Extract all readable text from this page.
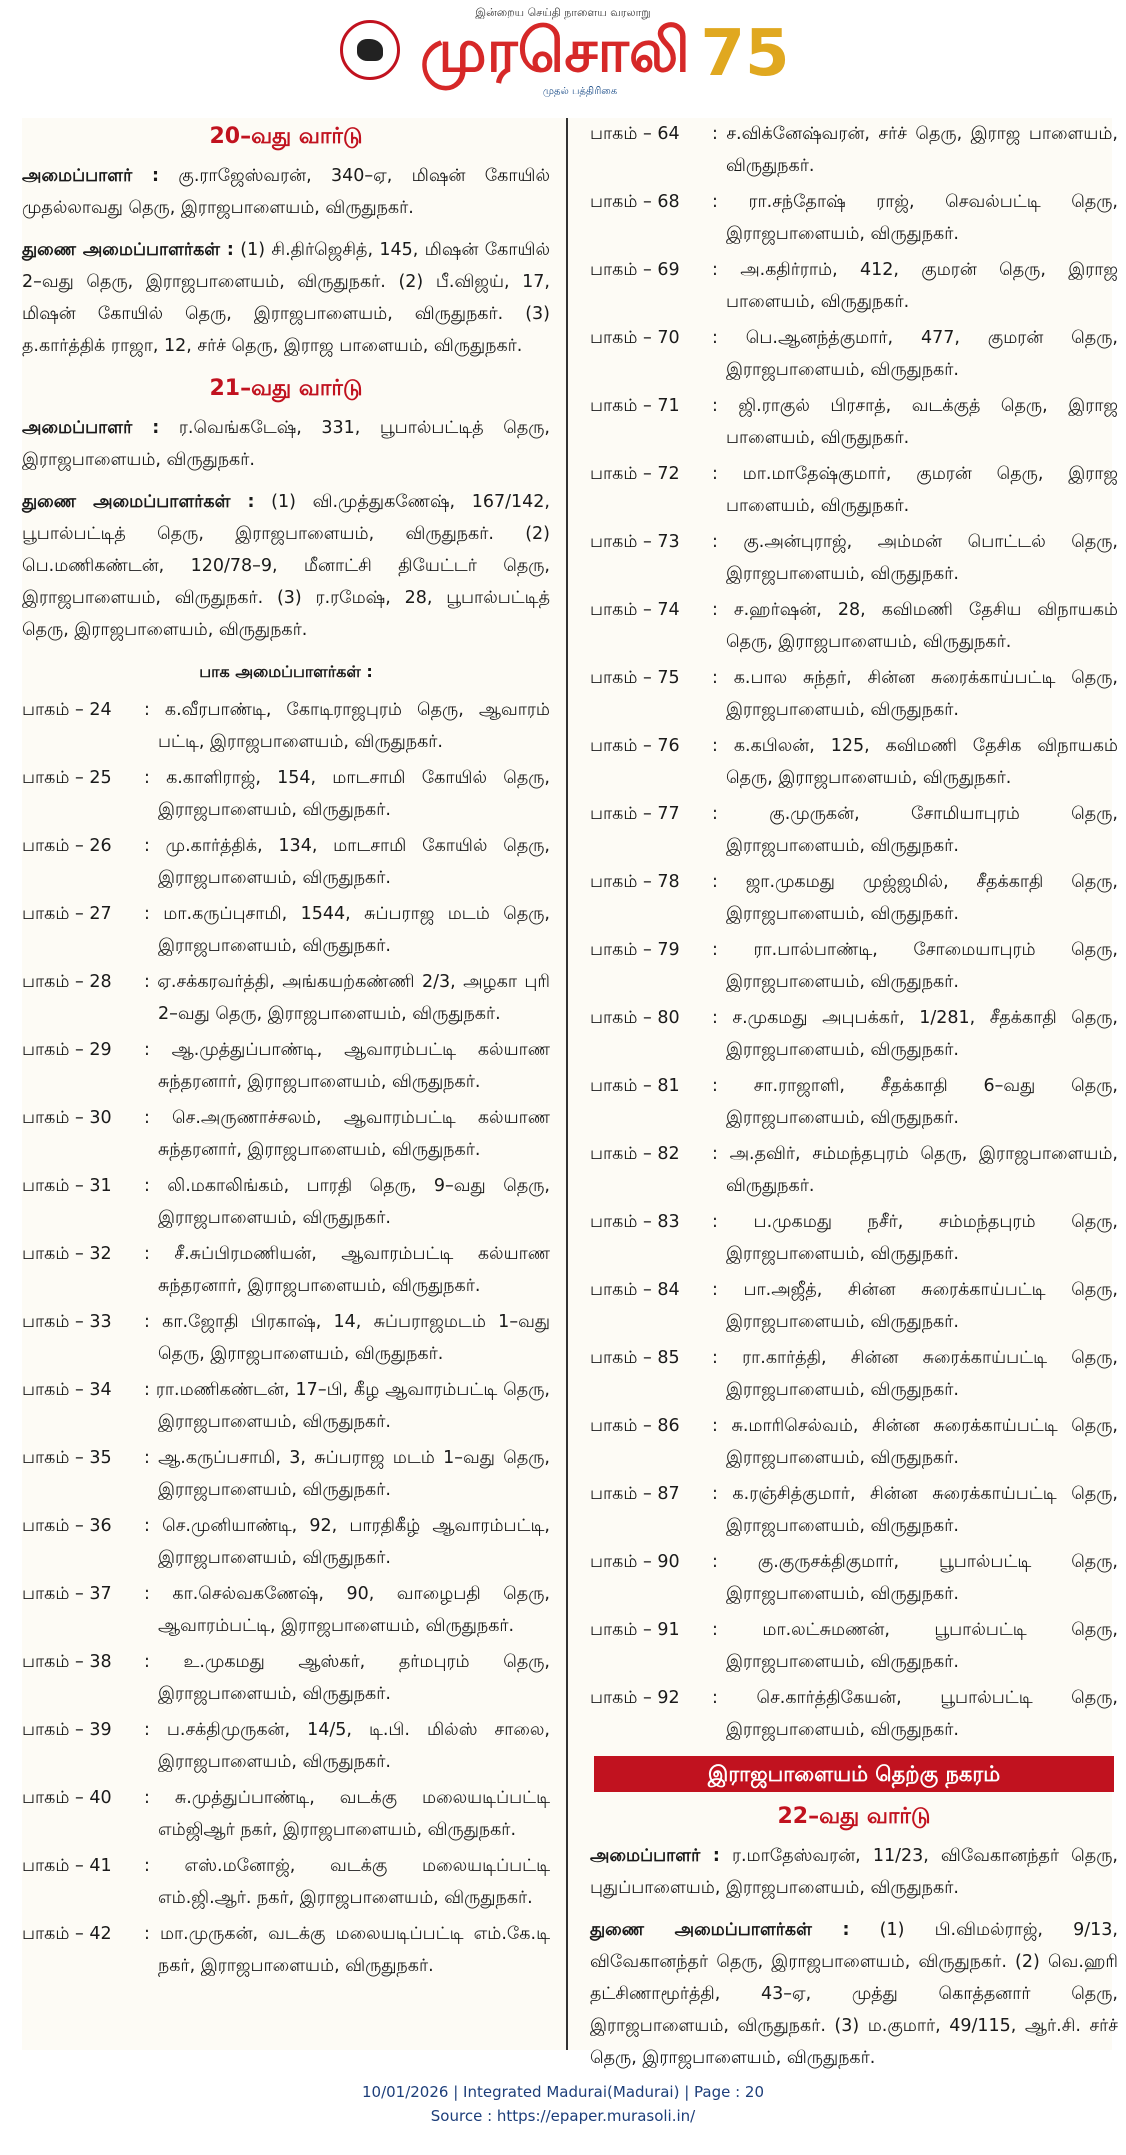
இன்றைய செய்தி நாளைய வரலாறு
முரசொலி
முதல் பத்திரிகை
75
20–வது வார்டு

அமைப்பாளர் : கு.ராஜேஸ்வரன், 340–ஏ, மிஷன் கோயில் முதல்லாவது தெரு, இராஜபாளையம், விருதுநகர்.

துணை அமைப்பாளர்கள் : (1) சி.திர்ஜெசித், 145, மிஷன் கோயில் 2–வது தெரு, இராஜபாளையம், விருதுநகர். (2) பீ.விஜய், 17, மிஷன் கோயில் தெரு, இராஜபாளையம், விருதுநகர். (3) த.கார்த்திக் ராஜா, 12, சர்ச் தெரு, இராஜ பாளையம், விருதுநகர்.

21–வது வார்டு

அமைப்பாளர் : ர.வெங்கடேஷ், 331, பூபால்பட்டித் தெரு, இராஜபாளையம், விருதுநகர்.

துணை அமைப்பாளர்கள் : (1) வி.முத்துகணேஷ், 167/142, பூபால்பட்டித் தெரு, இராஜபாளையம், விருதுநகர். (2) பெ.மணிகண்டன், 120/78–9, மீனாட்சி தியேட்டர் தெரு, இராஜபாளையம், விருதுநகர். (3) ர.ரமேஷ், 28, பூபால்பட்டித் தெரு, இராஜபாளையம், விருதுநகர்.

பாக அமைப்பாளர்கள் :
பாகம் – 24	: க.வீரபாண்டி, கோடிராஜபுரம் தெரு, ஆவாரம் பட்டி, இராஜபாளையம், விருதுநகர்.
பாகம் – 25	: க.காளிராஜ், 154, மாடசாமி கோயில் தெரு, இராஜபாளையம், விருதுநகர்.
பாகம் – 26	: மு.கார்த்திக், 134, மாடசாமி கோயில் தெரு, இராஜபாளையம், விருதுநகர்.
பாகம் – 27	: மா.கருப்புசாமி, 1544, சுப்பராஜ மடம் தெரு, இராஜபாளையம், விருதுநகர்.
பாகம் – 28	: ஏ.சக்கரவர்த்தி, அங்கயற்கண்ணி 2/3, அழகா புரி 2–வது தெரு, இராஜபாளையம், விருதுநகர்.
பாகம் – 29	: ஆ.முத்துப்பாண்டி, ஆவாரம்பட்டி கல்யாண சுந்தரனார், இராஜபாளையம், விருதுநகர்.
பாகம் – 30	: செ.அருணாச்சலம், ஆவாரம்பட்டி கல்யாண சுந்தரனார், இராஜபாளையம், விருதுநகர்.
பாகம் – 31	: லி.மகாலிங்கம், பாரதி தெரு, 9–வது தெரு, இராஜபாளையம், விருதுநகர்.
பாகம் – 32	: சீ.சுப்பிரமணியன், ஆவாரம்பட்டி கல்யாண சுந்தரனார், இராஜபாளையம், விருதுநகர்.
பாகம் – 33	: கா.ஜோதி பிரகாஷ், 14, சுப்பராஜமடம் 1–வது தெரு, இராஜபாளையம், விருதுநகர்.
பாகம் – 34	: ரா.மணிகண்டன், 17–பி, கீழ ஆவாரம்பட்டி தெரு, இராஜபாளையம், விருதுநகர்.
பாகம் – 35	: ஆ.கருப்பசாமி, 3, சுப்பராஜ மடம் 1–வது தெரு, இராஜபாளையம், விருதுநகர்.
பாகம் – 36	: செ.முனியாண்டி, 92, பாரதிகீழ் ஆவாரம்பட்டி, இராஜபாளையம், விருதுநகர்.
பாகம் – 37	: கா.செல்வகணேஷ், 90, வாழைபதி தெரு, ஆவாரம்பட்டி, இராஜபாளையம், விருதுநகர்.
பாகம் – 38	: உ.முகமது ஆஸ்கர், தர்மபுரம் தெரு, இராஜபாளையம், விருதுநகர்.
பாகம் – 39	: ப.சக்திமுருகன், 14/5, டி.பி. மில்ஸ் சாலை, இராஜபாளையம், விருதுநகர்.
பாகம் – 40	: சு.முத்துப்பாண்டி, வடக்கு மலையடிப்பட்டி எம்ஜிஆர் நகர், இராஜபாளையம், விருதுநகர்.
பாகம் – 41	: எஸ்.மனோஜ், வடக்கு மலையடிப்பட்டி எம்.ஜி.ஆர். நகர், இராஜபாளையம், விருதுநகர்.
பாகம் – 42	: மா.முருகன், வடக்கு மலையடிப்பட்டி எம்.கே.டி நகர், இராஜபாளையம், விருதுநகர்.
பாகம் – 64	: ச.விக்னேஷ்வரன், சர்ச் தெரு, இராஜ பாளையம், விருதுநகர்.
பாகம் – 68	: ரா.சந்தோஷ் ராஜ், செவல்பட்டி தெரு, இராஜபாளையம், விருதுநகர்.
பாகம் – 69	: அ.கதிர்ராம், 412, குமரன் தெரு, இராஜ பாளையம், விருதுநகர்.
பாகம் – 70	: பெ.ஆனந்த்குமார், 477, குமரன் தெரு, இராஜபாளையம், விருதுநகர்.
பாகம் – 71	: ஜி.ராகுல் பிரசாத், வடக்குத் தெரு, இராஜ பாளையம், விருதுநகர்.
பாகம் – 72	: மா.மாதேஷ்குமார், குமரன் தெரு, இராஜ பாளையம், விருதுநகர்.
பாகம் – 73	: கு.அன்புராஜ், அம்மன் பொட்டல் தெரு, இராஜபாளையம், விருதுநகர்.
பாகம் – 74	: ச.ஹர்ஷன், 28, கவிமணி தேசிய விநாயகம் தெரு, இராஜபாளையம், விருதுநகர்.
பாகம் – 75	: க.பால சுந்தர், சின்ன சுரைக்காய்பட்டி தெரு, இராஜபாளையம், விருதுநகர்.
பாகம் – 76	: க.கபிலன், 125, கவிமணி தேசிக விநாயகம் தெரு, இராஜபாளையம், விருதுநகர்.
பாகம் – 77	: கு.முருகன், சோமியாபுரம் தெரு, இராஜபாளையம், விருதுநகர்.
பாகம் – 78	: ஜா.முகமது முஜ்ஜமில், சீதக்காதி தெரு, இராஜபாளையம், விருதுநகர்.
பாகம் – 79	: ரா.பால்பாண்டி, சோமையாபுரம் தெரு, இராஜபாளையம், விருதுநகர்.
பாகம் – 80	: ச.முகமது அபுபக்கர், 1/281, சீதக்காதி தெரு, இராஜபாளையம், விருதுநகர்.
பாகம் – 81	: சா.ராஜாளி, சீதக்காதி 6–வது தெரு, இராஜபாளையம், விருதுநகர்.
பாகம் – 82	: அ.தவிர், சம்மந்தபுரம் தெரு, இராஜபாளையம், விருதுநகர்.
பாகம் – 83	: ப.முகமது நசீர், சம்மந்தபுரம் தெரு, இராஜபாளையம், விருதுநகர்.
பாகம் – 84	: பா.அஜீத், சின்ன சுரைக்காய்பட்டி தெரு, இராஜபாளையம், விருதுநகர்.
பாகம் – 85	: ரா.கார்த்தி, சின்ன சுரைக்காய்பட்டி தெரு, இராஜபாளையம், விருதுநகர்.
பாகம் – 86	: சு.மாரிசெல்வம், சின்ன சுரைக்காய்பட்டி தெரு, இராஜபாளையம், விருதுநகர்.
பாகம் – 87	: க.ரஞ்சித்குமார், சின்ன சுரைக்காய்பட்டி தெரு, இராஜபாளையம், விருதுநகர்.
பாகம் – 90	: கு.குருசக்திகுமார், பூபால்பட்டி தெரு, இராஜபாளையம், விருதுநகர்.
பாகம் – 91	: மா.லட்சுமணன், பூபால்பட்டி தெரு, இராஜபாளையம், விருதுநகர்.
பாகம் – 92	: செ.கார்த்திகேயன், பூபால்பட்டி தெரு, இராஜபாளையம், விருதுநகர்.
இராஜபாளையம் தெற்கு நகரம்
22–வது வார்டு

அமைப்பாளர் : ர.மாதேஸ்வரன், 11/23, விவேகானந்தர் தெரு, புதுப்பாளையம், இராஜபாளையம், விருதுநகர்.

துணை அமைப்பாளர்கள் : (1) பி.விமல்ராஜ், 9/13, விவேகானந்தர் தெரு, இராஜபாளையம், விருதுநகர். (2) வெ.ஹரி தட்சிணாமூர்த்தி, 43–ஏ, முத்து கொத்தனார் தெரு, இராஜபாளையம், விருதுநகர். (3) ம.குமார், 49/115, ஆர்.சி. சர்ச் தெரு, இராஜபாளையம், விருதுநகர்.

10/01/2026 | Integrated Madurai(Madurai) | Page : 20
Source : https://epaper.murasoli.in/
